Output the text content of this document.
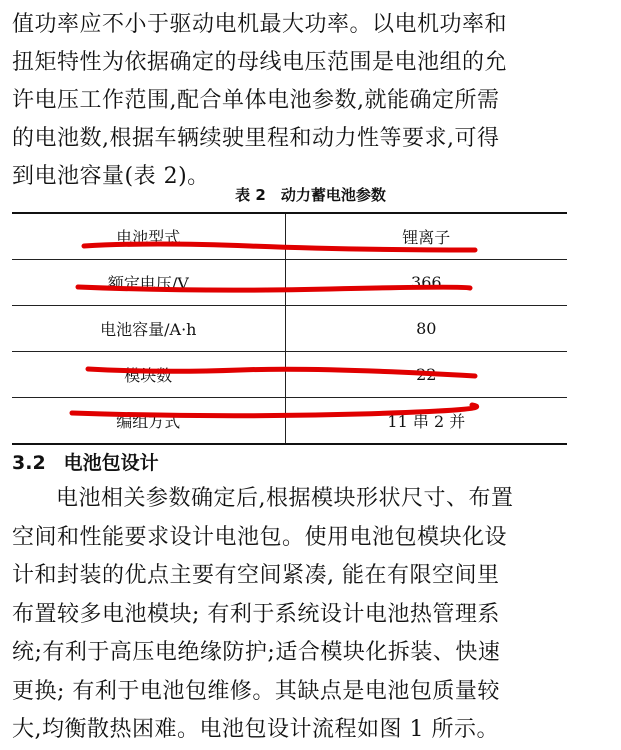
值功率应不小于驱动电机最大功率。以电机功率和
扭矩特性为依据确定的母线电压范围是电池组的允
许电压工作范围,配合单体电池参数,就能确定所需
的电池数,根据车辆续驶里程和动力性等要求,可得
到电池容量(表 2)。
表 2　动力蓄电池参数
电池型式	锂离子
额定电压/V	366
电池容量/A·h	80
模块数	22
编组方式	11 串 2 并
3.2 电池包设计
电池相关参数确定后,根据模块形状尺寸、布置
空间和性能要求设计电池包。使用电池包模块化设
计和封装的优点主要有空间紧凑, 能在有限空间里
布置较多电池模块; 有利于系统设计电池热管理系
统;有利于高压电绝缘防护;适合模块化拆装、快速
更换; 有利于电池包维修。其缺点是电池包质量较
大,均衡散热困难。电池包设计流程如图 1 所示。
